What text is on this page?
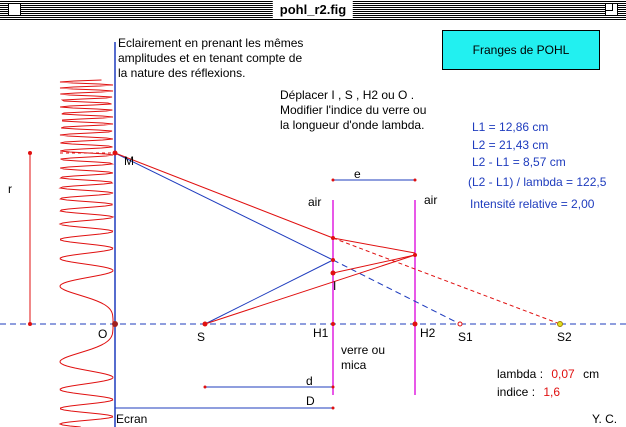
pohl_r2.fig
Eclairement en prenant les mêmes
amplitudes et en tenant compte de
la nature des réflexions.
Déplacer I , S , H2 ou O .
Modifier l'indice du verre ou
la longueur d'onde lambda.
Franges de POHL
L1 = 12,86 cm
L2 = 21,43 cm
L2 - L1 = 8,57 cm
(L2 - L1) / lambda = 122,5
Intensité relative = 2,00
M
r
e
air	air
I
O	S	H1	H2 S1	S2
verre ou
mica
d
D
Ecran	Y. C.
lambda : 0,07 cm
indice : 1,6
